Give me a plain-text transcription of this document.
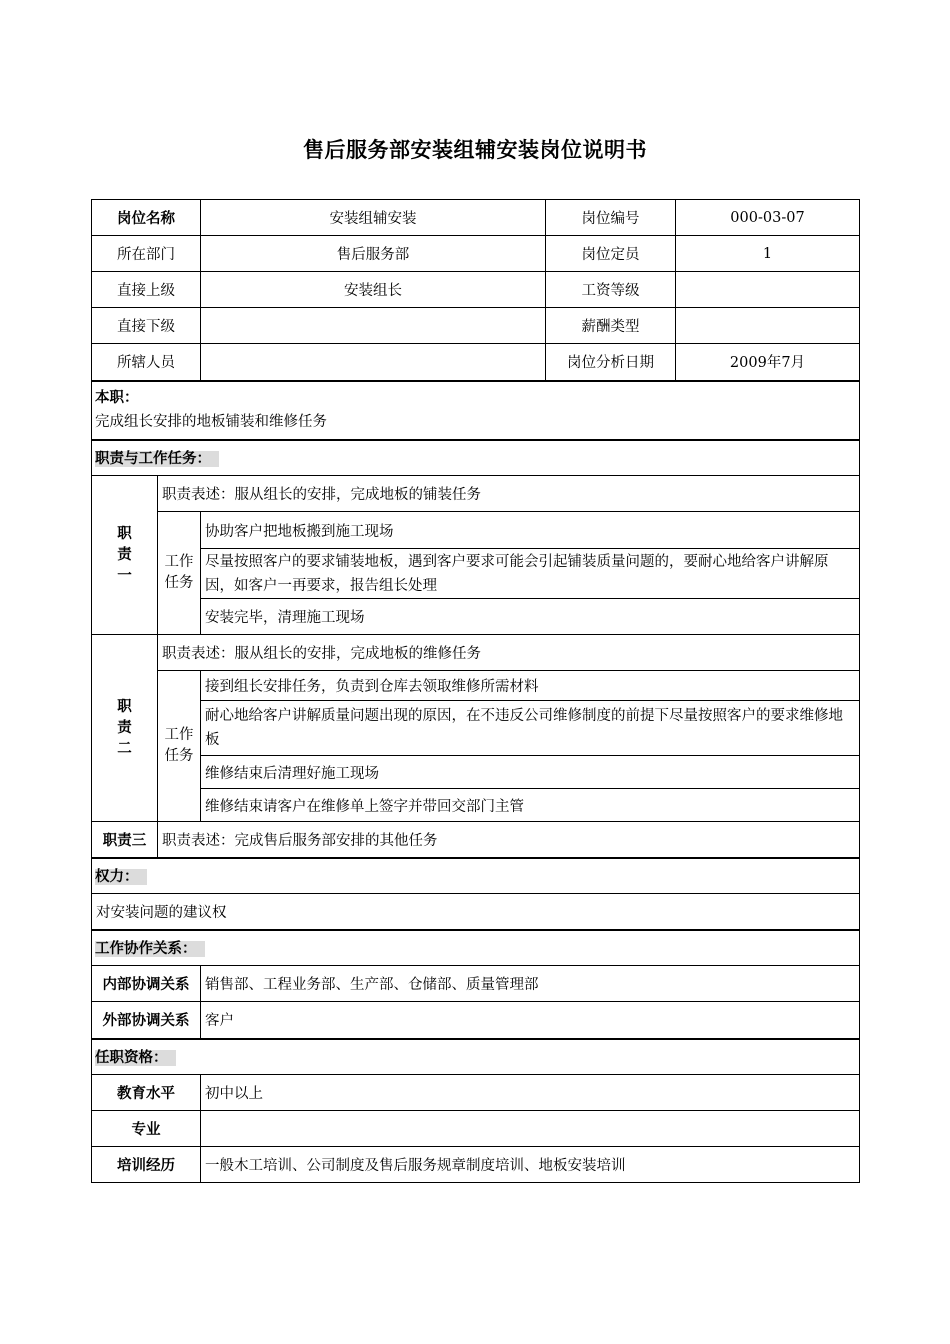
售后服务部安装组辅安装岗位说明书
岗位名称		安装组辅安装	岗位编号	000-03-07
所在部门		售后服务部	岗位定员	1
直接上级		安装组长	工资等级	
直接下级			薪酬类型	
所辖人员			岗位分析日期	2009年7月

本职：
完成组长安排的地板铺装和维修任务				

职责与工作任务：				
职责一	职责表述：服从组长的安排，完成地板的铺装任务			
	工作任务	协助客户把地板搬到施工现场		
		尽量按照客户的要求铺装地板，遇到客户要求可能会引起铺装质量问题的，要耐心地给客户讲解原因，如客户一再要求，报告组长处理		
		安装完毕，清理施工现场		
职责二	职责表述：服从组长的安排，完成地板的维修任务			
	工作任务	接到组长安排任务，负责到仓库去领取维修所需材料		
		耐心地给客户讲解质量问题出现的原因，在不违反公司维修制度的前提下尽量按照客户的要求维修地板		
		维修结束后清理好施工现场		
		维修结束请客户在维修单上签字并带回交部门主管		
职责三	职责表述：完成售后服务部安排的其他任务			
权力：				
对安装问题的建议权				
工作协作关系：				
内部协调关系		销售部、工程业务部、生产部、仓储部、质量管理部		
外部协调关系		客户		
任职资格：				
教育水平		初中以上		
专业				
培训经历		一般木工培训、公司制度及售后服务规章制度培训、地板安装培训		
